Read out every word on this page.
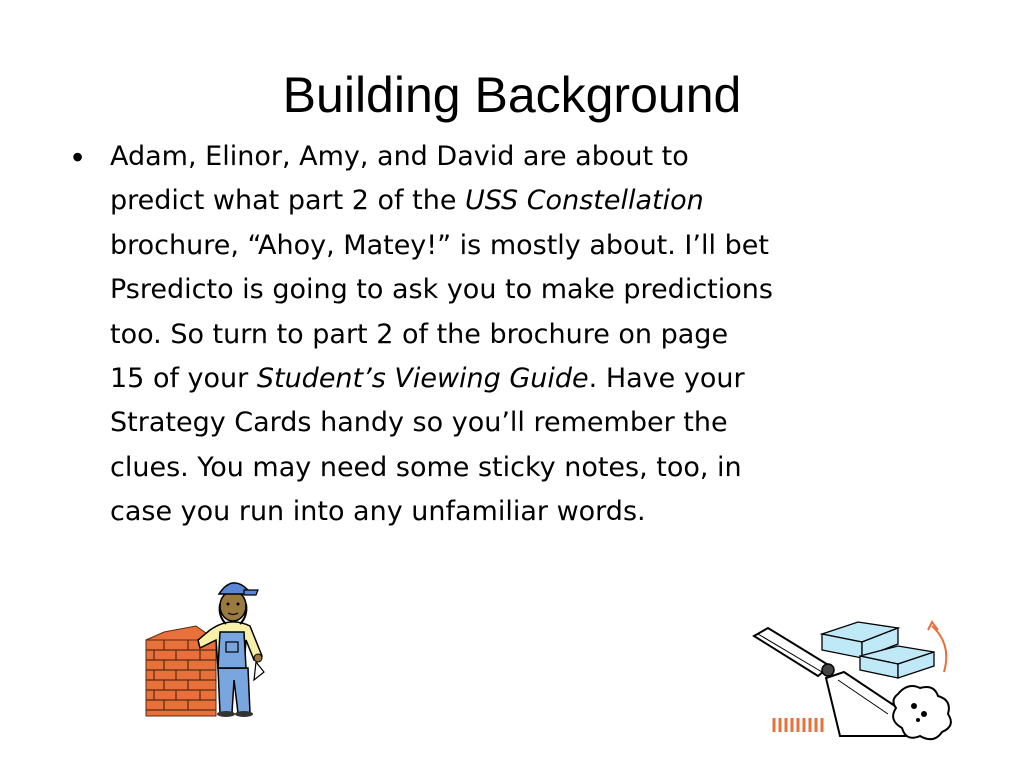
Building Background
• Adam, Elinor, Amy, and David are about to
predict what part 2 of the USS Constellation
brochure, “Ahoy, Matey!” is mostly about. I’ll bet
Psredicto is going to ask you to make predictions
too. So turn to part 2 of the brochure on page
15 of your Student’s Viewing Guide. Have your
Strategy Cards handy so you’ll remember the
clues. You may need some sticky notes, too, in
case you run into any unfamiliar words.
